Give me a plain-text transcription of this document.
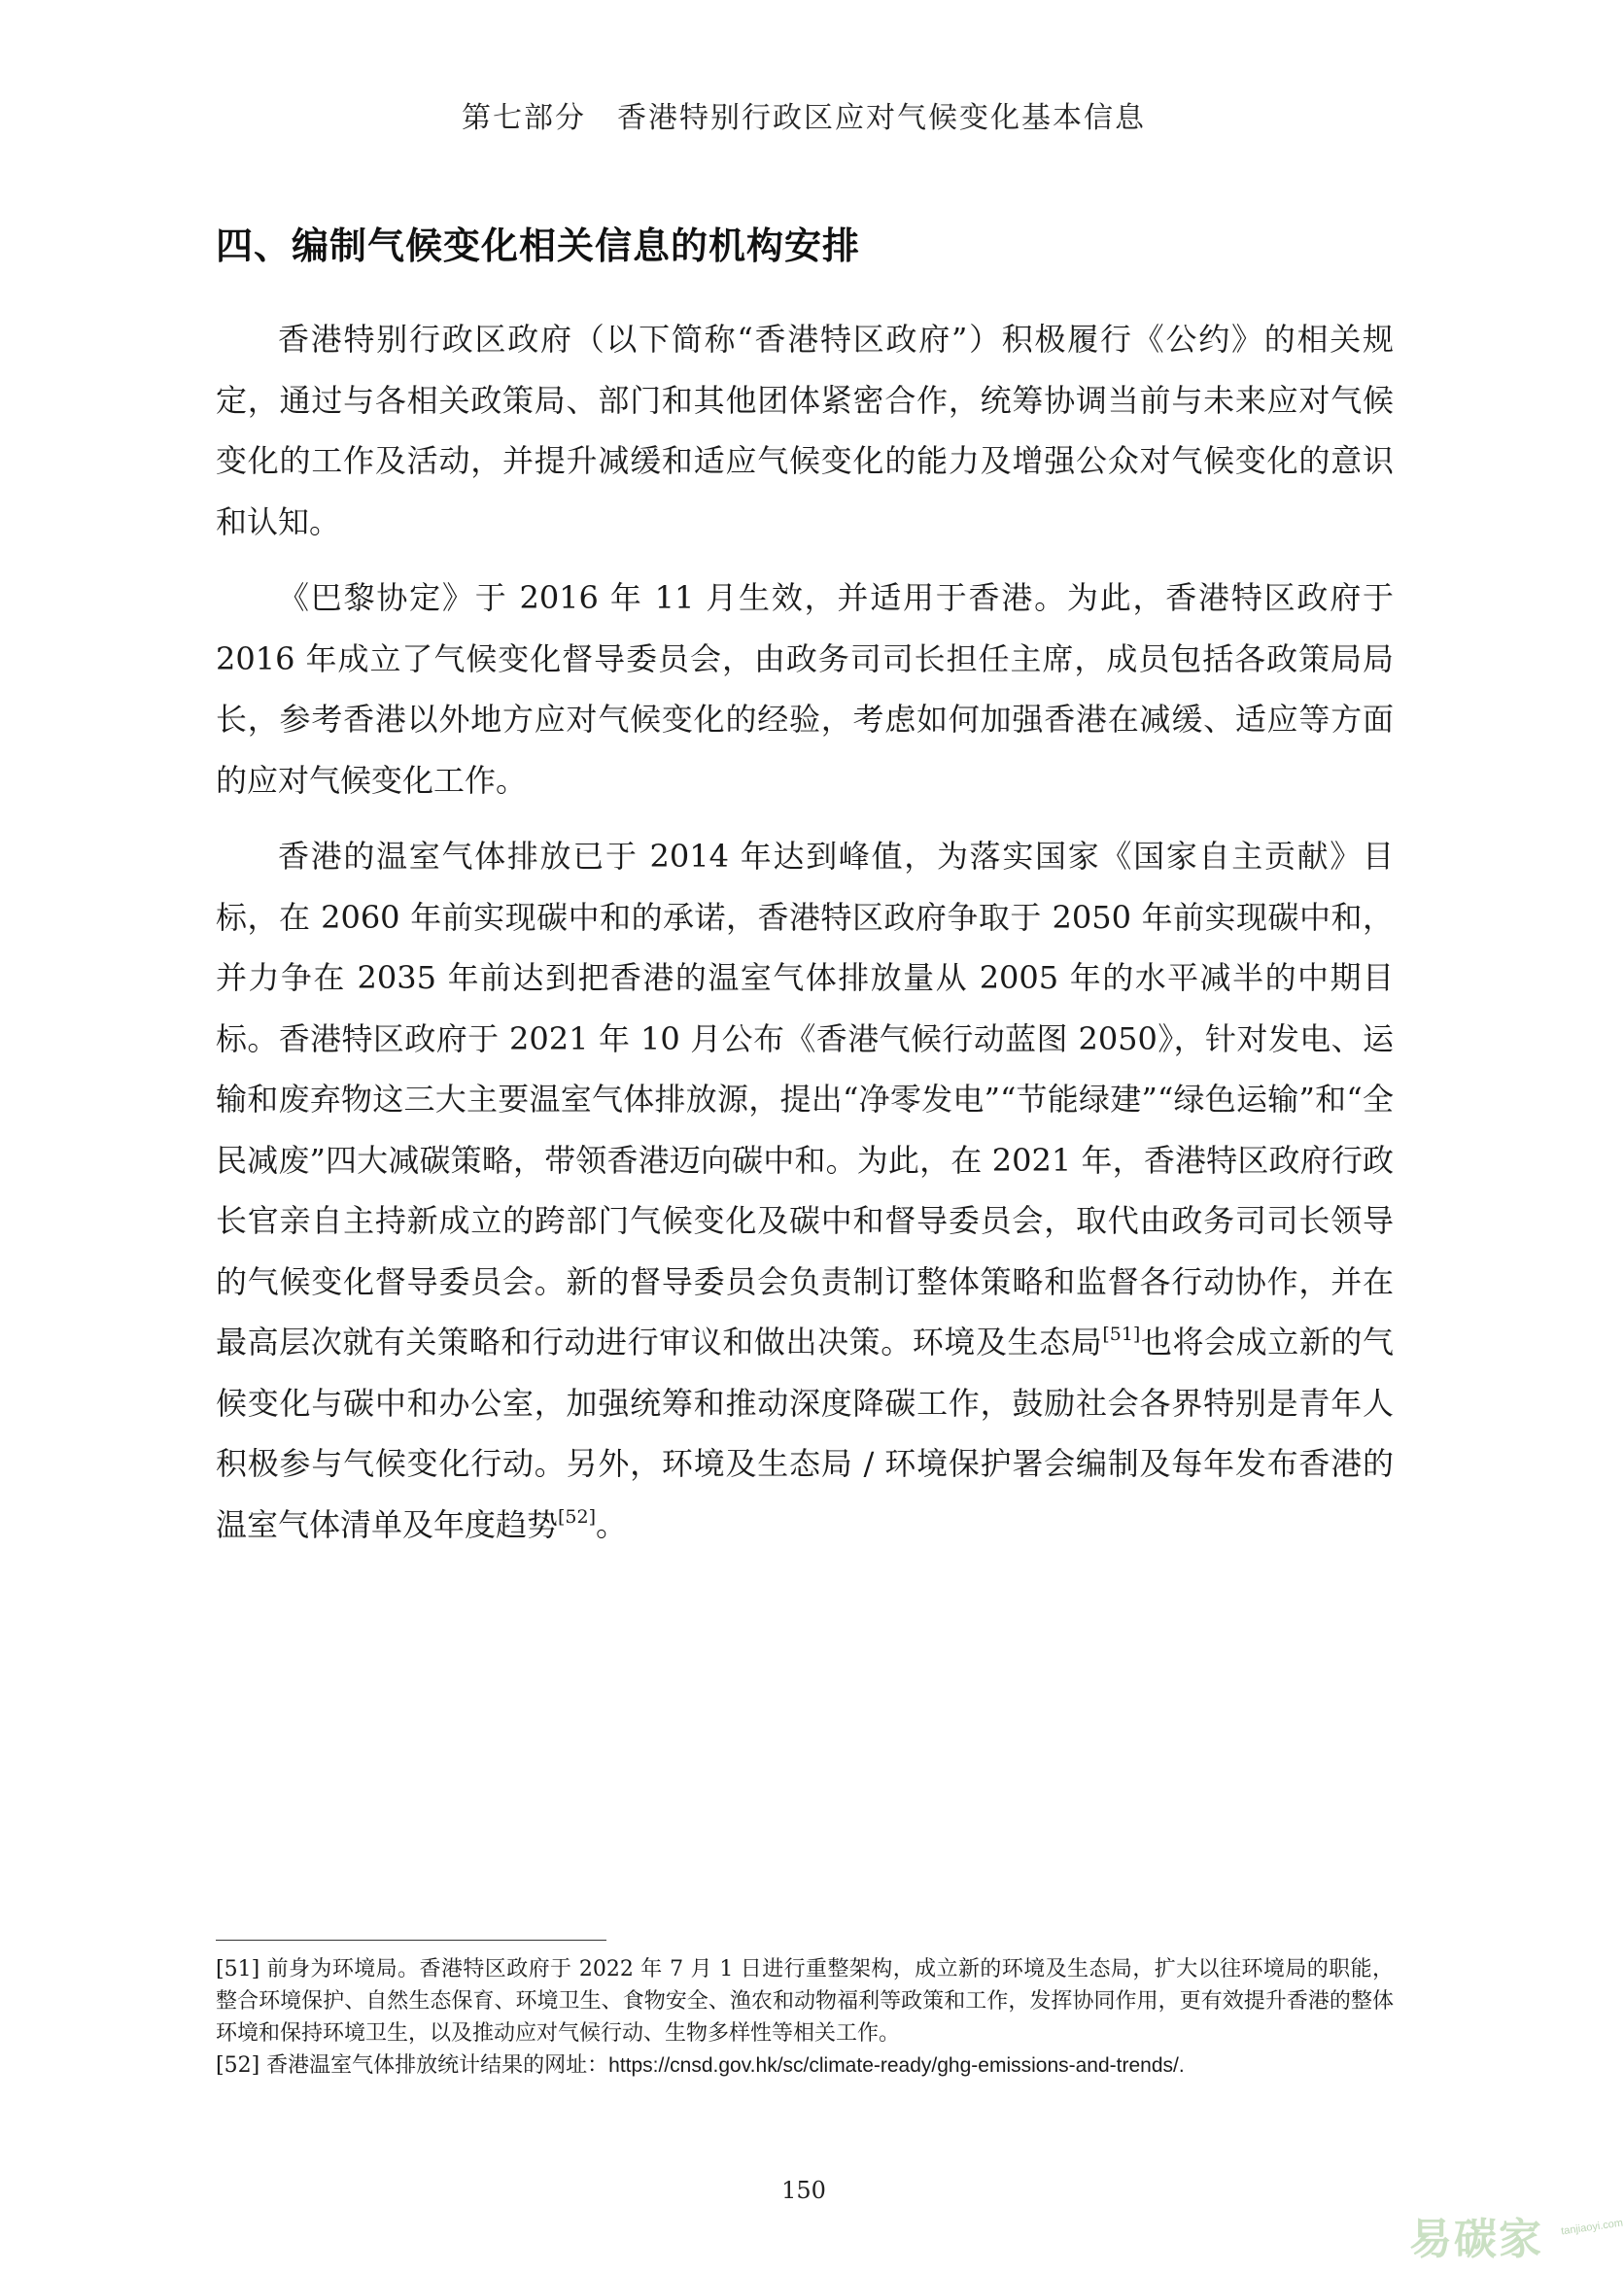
第七部分　香港特别行政区应对气候变化基本信息
四、编制气候变化相关信息的机构安排

香港特别行政区政府（以下简称“香港特区政府”）积极履行《公约》的相关规定，通过与各相关政策局、部门和其他团体紧密合作，统筹协调当前与未来应对气候变化的工作及活动，并提升减缓和适应气候变化的能力及增强公众对气候变化的意识和认知。

《巴黎协定》于 2016 年 11 月生效，并适用于香港。为此，香港特区政府于 2016 年成立了气候变化督导委员会，由政务司司长担任主席，成员包括各政策局局长，参考香港以外地方应对气候变化的经验，考虑如何加强香港在减缓、适应等方面的应对气候变化工作。

香港的温室气体排放已于 2014 年达到峰值，为落实国家《国家自主贡献》目标，在 2060 年前实现碳中和的承诺，香港特区政府争取于 2050 年前实现碳中和，并力争在 2035 年前达到把香港的温室气体排放量从 2005 年的水平减半的中期目标。香港特区政府于 2021 年 10 月公布《香港气候行动蓝图 2050》，针对发电、运输和废弃物这三大主要温室气体排放源，提出“净零发电”“节能绿建”“绿色运输”和“全民减废”四大减碳策略，带领香港迈向碳中和。为此，在 2021 年，香港特区政府行政长官亲自主持新成立的跨部门气候变化及碳中和督导委员会，取代由政务司司长领导的气候变化督导委员会。新的督导委员会负责制订整体策略和监督各行动协作，并在最高层次就有关策略和行动进行审议和做出决策。环境及生态局[51]也将会成立新的气候变化与碳中和办公室，加强统筹和推动深度降碳工作，鼓励社会各界特别是青年人积极参与气候变化行动。另外，环境及生态局 / 环境保护署会编制及每年发布香港的温室气体清单及年度趋势[52]。

[51] 前身为环境局。香港特区政府于 2022 年 7 月 1 日进行重整架构，成立新的环境及生态局，扩大以往环境局的职能，整合环境保护、自然生态保育、环境卫生、食物安全、渔农和动物福利等政策和工作，发挥协同作用，更有效提升香港的整体环境和保持环境卫生，以及推动应对气候行动、生物多样性等相关工作。

[52] 香港温室气体排放统计结果的网址：https://cnsd.gov.hk/sc/climate-ready/ghg-emissions-and-trends/.

150
易碳家 tanjiaoyi.com
